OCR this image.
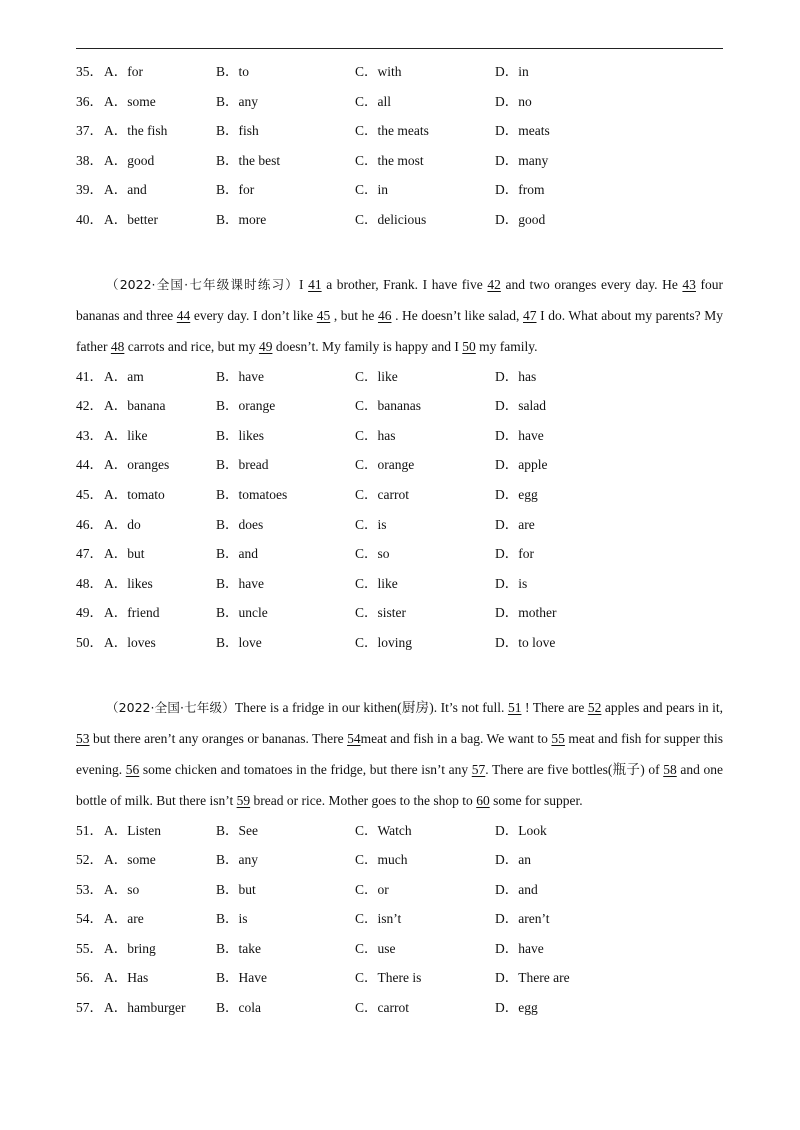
35． A．for	B．to	C．with	D．in
36． A．some	B．any	C．all	D．no
37． A．the fish	B．fish	C．the meats	D．meats
38． A．good	B．the best	C．the most	D．many
39． A．and	B．for	C．in	D．from
40． A．better	B．more	C．delicious	D．good

（2022·全国·七年级课时练习）I 41 a brother, Frank. I have five 42 and two oranges every day. He 43 four bananas and three 44 every day. I don’t like 45 , but he 46 . He doesn’t like salad, 47 I do. What about my parents? My father 48 carrots and rice, but my 49 doesn’t. My family is happy and I 50 my family.

41． A．am	B．have	C．like	D．has
42． A．banana	B．orange	C．bananas	D．salad
43． A．like	B．likes	C．has	D．have
44． A．oranges	B．bread	C．orange	D．apple
45． A．tomato	B．tomatoes	C．carrot	D．egg
46． A．do	B．does	C．is	D．are
47． A．but	B．and	C．so	D．for
48． A．likes	B．have	C．like	D．is
49． A．friend	B．uncle	C．sister	D．mother
50． A．loves	B．love	C．loving	D．to love

（2022·全国·七年级）There is a fridge in our kithen(厨房). It’s not full. 51 ! There are 52 apples and pears in it, 53 but there aren’t any oranges or bananas. There 54meat and fish in a bag. We want to 55 meat and fish for supper this evening. 56 some chicken and tomatoes in the fridge, but there isn’t any 57. There are five bottles(瓶子) of 58 and one bottle of milk. But there isn’t 59 bread or rice. Mother goes to the shop to 60 some for supper.

51． A．Listen	B．See	C．Watch	D．Look
52． A．some	B．any	C．much	D．an
53． A．so	B．but	C．or	D．and
54． A．are	B．is	C．isn’t	D．aren’t
55． A．bring	B．take	C．use	D．have
56． A．Has	B．Have	C．There is	D．There are
57． A．hamburger B．cola	C．carrot	D．egg
